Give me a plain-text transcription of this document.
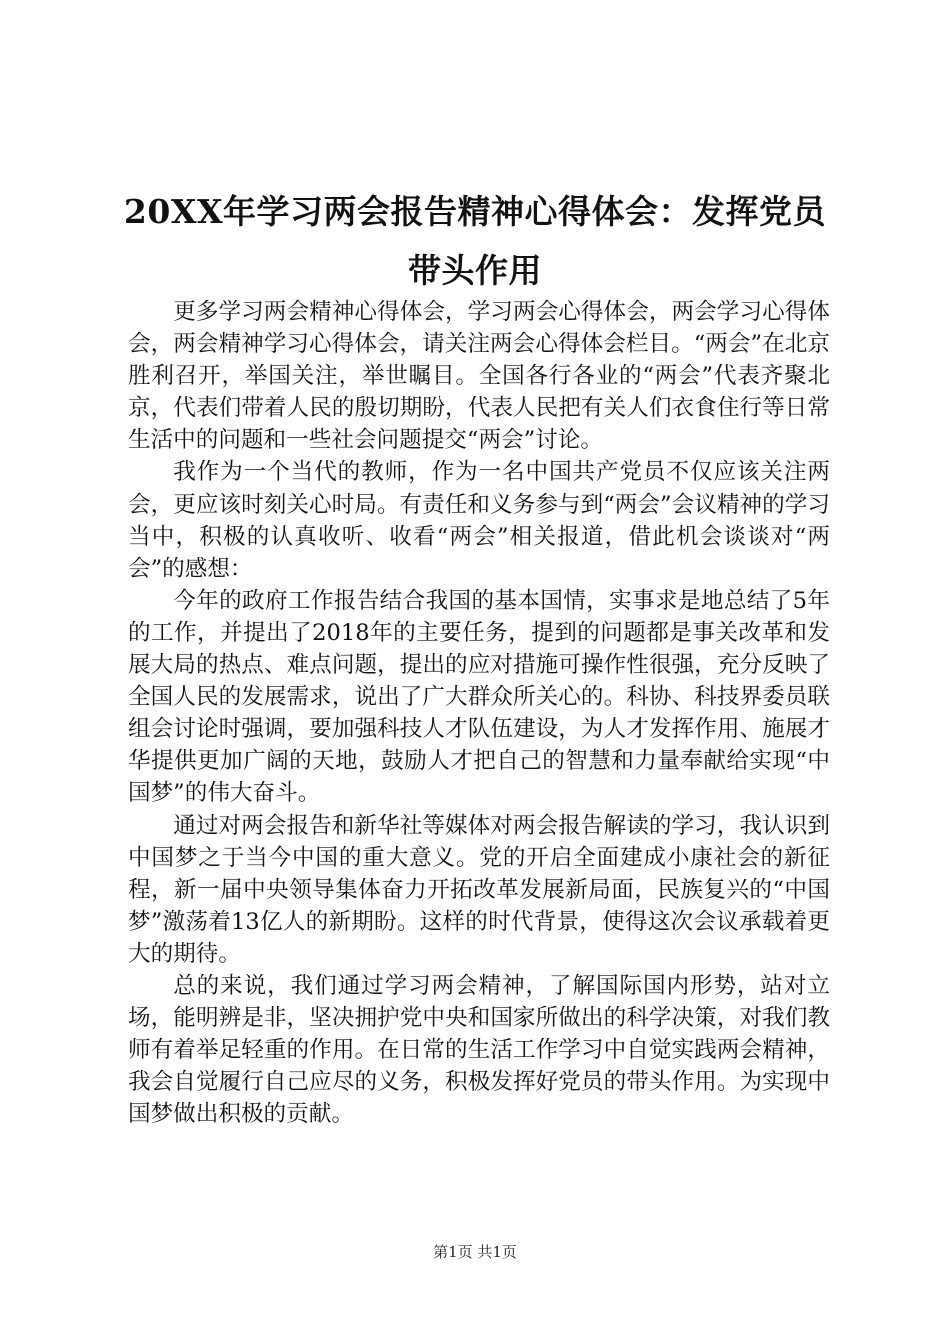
20XX年学习两会报告精神心得体会：发挥党员带头作用

更多学习两会精神心得体会，学习两会心得体会，两会学习心得体会，两会精神学习心得体会，请关注两会心得体会栏目。“两会”在北京胜利召开，举国关注，举世瞩目。全国各行各业的“两会”代表齐聚北京，代表们带着人民的殷切期盼，代表人民把有关人们衣食住行等日常生活中的问题和一些社会问题提交“两会”讨论。

我作为一个当代的教师，作为一名中国共产党员不仅应该关注两会，更应该时刻关心时局。有责任和义务参与到“两会”会议精神的学习当中，积极的认真收听、收看“两会”相关报道，借此机会谈谈对“两会”的感想：

今年的政府工作报告结合我国的基本国情，实事求是地总结了5年的工作，并提出了2018年的主要任务，提到的问题都是事关改革和发展大局的热点、难点问题，提出的应对措施可操作性很强，充分反映了全国人民的发展需求，说出了广大群众所关心的。科协、科技界委员联组会讨论时强调，要加强科技人才队伍建设，为人才发挥作用、施展才华提供更加广阔的天地，鼓励人才把自己的智慧和力量奉献给实现“中国梦”的伟大奋斗。

通过对两会报告和新华社等媒体对两会报告解读的学习，我认识到中国梦之于当今中国的重大意义。党的开启全面建成小康社会的新征程，新一届中央领导集体奋力开拓改革发展新局面，民族复兴的“中国梦”激荡着13亿人的新期盼。这样的时代背景，使得这次会议承载着更大的期待。

总的来说，我们通过学习两会精神，了解国际国内形势，站对立场，能明辨是非，坚决拥护党中央和国家所做出的科学决策，对我们教师有着举足轻重的作用。在日常的生活工作学习中自觉实践两会精神，我会自觉履行自己应尽的义务，积极发挥好党员的带头作用。为实现中国梦做出积极的贡献。

第1页 共1页
